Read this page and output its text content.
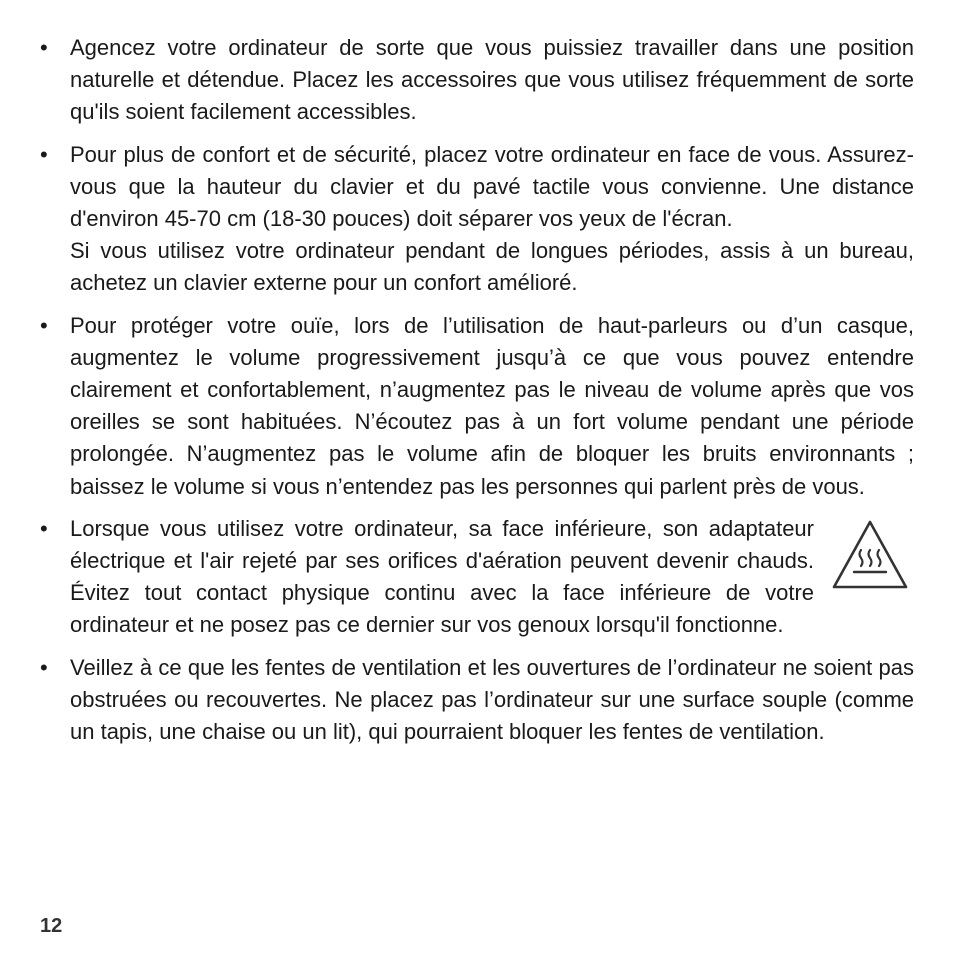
• Agencez votre ordinateur de sorte que vous puissiez travailler dans une position naturelle et détendue. Placez les accessoires que vous utilisez fréquemment de sorte qu'ils soient facilement accessibles.

• Pour plus de confort et de sécurité, placez votre ordinateur en face de vous. Assurez-vous que la hauteur du clavier et du pavé tactile vous convienne. Une distance d'environ 45-70 cm (18-30 pouces) doit séparer vos yeux de l'écran.

Si vous utilisez votre ordinateur pendant de longues périodes, assis à un bureau, achetez un clavier externe pour un confort amélioré.

• Pour protéger votre ouïe, lors de l’utilisation de haut-parleurs ou d’un casque, augmentez le volume progressivement jusqu’à ce que vous pouvez entendre clairement et confortablement, n’augmentez pas le niveau de volume après que vos oreilles se sont habituées. N’écoutez pas à un fort volume pendant une période prolongée. N’augmentez pas le volume afin de bloquer les bruits environnants ; baissez le volume si vous n’entendez pas les personnes qui parlent près de vous.

• Lorsque vous utilisez votre ordinateur, sa face inférieure, son adaptateur électrique et l'air rejeté par ses orifices d'aération peuvent devenir chauds. Évitez tout contact physique continu avec la face inférieure de votre ordinateur et ne posez pas ce dernier sur vos genoux lorsqu'il fonctionne.

• Veillez à ce que les fentes de ventilation et les ouvertures de l’ordinateur ne soient pas obstruées ou recouvertes. Ne placez pas l’ordinateur sur une surface souple (comme un tapis, une chaise ou un lit), qui pourraient bloquer les fentes de ventilation.

12
